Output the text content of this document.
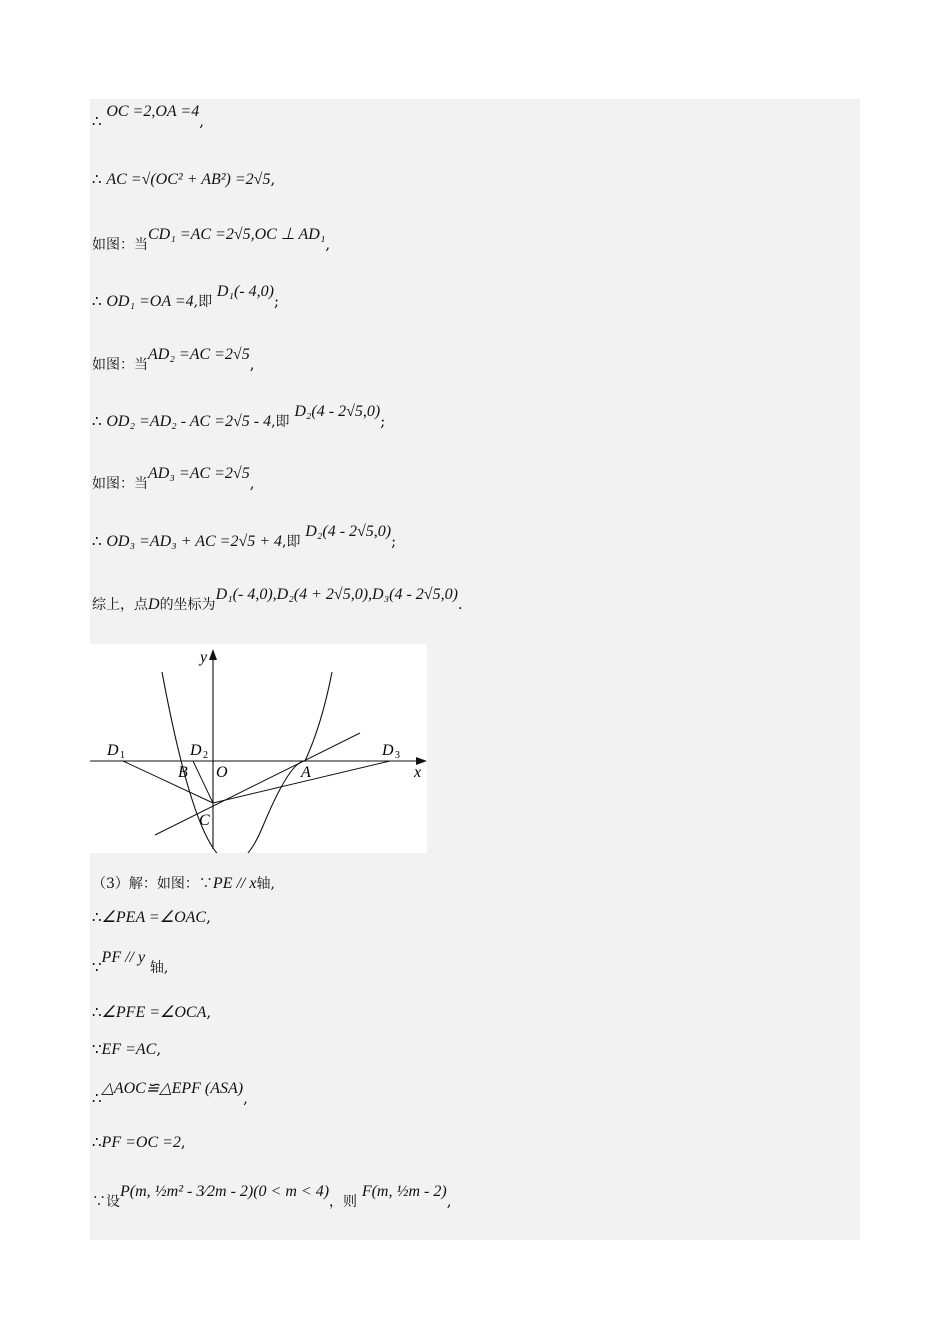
∴ OC =2,OA =4,
∴ AC =√(OC² + AB²) =2√5,
如图：当CD₁ =AC =2√5,OC ⊥ AD₁,
∴ OD₁ =OA =4,即 D₁(- 4,0);
如图：当AD₂ =AC =2√5,
∴ OD₂ =AD₂ - AC =2√5 - 4,即 D₂(4 - 2√5,0);
如图：当AD₃ =AC =2√5,
∴ OD₃ =AD₃ + AC =2√5 + 4,即 D₂(4 - 2√5,0);
综上，点D的坐标为D₁(- 4,0),D₂(4 + 2√5,0),D₃(4 - 2√5,0).
y
x
O	A
B
C
D 1	D 2	D 3
（3）解：如图：∵PE // x轴,
∴∠PEA =∠OAC,
∵PF // y 轴,
∴∠PFE =∠OCA,
∵EF =AC,
∴△AOC≌△EPF (ASA),
∴PF =OC =2,
∵设P(m, ½m² - 3⁄2m - 2)(0 < m < 4)，则 F(m, ½m - 2),
